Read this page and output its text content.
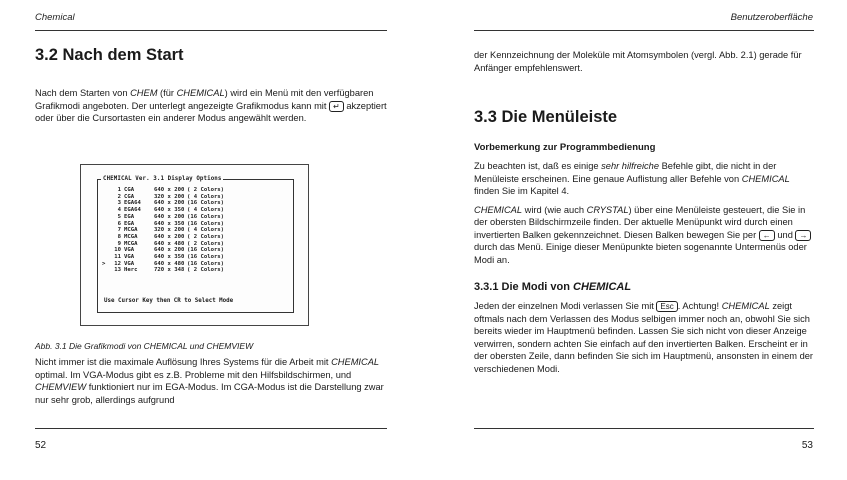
Chemical
3.2 Nach dem Start

Nach dem Starten von CHEM (für CHEMICAL) wird ein Menü mit den verfügbaren Grafikmodi angeboten. Der unterlegt angezeigte Grafikmodus kann mit ↵ akzeptiert oder über die Cursortasten ein anderer Modus angewählt werden.

1 CGA	640 x 200 ( 2 Colors)
2 CGA	320 x 200 ( 4 Colors)
3 EGA64	640 x 200 (16 Colors)
4 EGA64	640 x 350 ( 4 Colors)
5 EGA	640 x 200 (16 Colors)
6 EGA	640 x 350 (16 Colors)
7 MCGA	320 x 200 ( 4 Colors)
8 MCGA	640 x 200 ( 2 Colors)
9 MCGA	640 x 480 ( 2 Colors)
10 VGA	640 x 200 (16 Colors)
11 VGA	640 x 350 (16 Colors)
>	12 VGA	640 x 480 (16 Colors)
13 Herc	720 x 348 ( 2 Colors)
Use Cursor Key then CR to Select Mode
CHEMICAL Ver. 3.1 Display Options
Abb. 3.1 Die Grafikmodi von CHEMICAL und CHEMVIEW

Nicht immer ist die maximale Auflösung Ihres Systems für die Arbeit mit CHEMICAL optimal. Im VGA-Modus gibt es z.B. Probleme mit den Hilfsbildschirmen, und CHEMVIEW funktioniert nur im EGA-Modus. Im CGA-Modus ist die Darstellung zwar nur sehr grob, allerdings aufgrund

52
Benutzeroberfläche

der Kennzeichnung der Moleküle mit Atomsymbolen (vergl. Abb. 2.1) gerade für Anfänger empfehlenswert.

3.3 Die Menüleiste
Vorbemerkung zur Programmbedienung

Zu beachten ist, daß es einige sehr hilfreiche Befehle gibt, die nicht in der Menüleiste erscheinen. Eine genaue Auflistung aller Befehle von CHEMICAL finden Sie im Kapitel 4.

CHEMICAL wird (wie auch CRYSTAL) über eine Menüleiste gesteuert, die Sie in der obersten Bildschirmzeile finden. Der aktuelle Menüpunkt wird durch einen invertierten Balken gekennzeichnet. Diesen Balken bewegen Sie per ← und → durch das Menü. Einige dieser Menüpunkte bieten sogenannte Untermenüs oder Modi an.

3.3.1 Die Modi von CHEMICAL

Jeden der einzelnen Modi verlassen Sie mit Esc . Achtung! CHEMICAL zeigt oftmals nach dem Verlassen des Modus selbigen immer noch an, obwohl Sie sich bereits wieder im Hauptmenü befinden. Lassen Sie sich nicht von dieser Anzeige verwirren, sondern achten Sie einfach auf den invertierten Balken. Erscheint er in der obersten Zeile, dann befinden Sie sich im Hauptmenü, ansonsten in einem der verschiedenen Modi.

53
